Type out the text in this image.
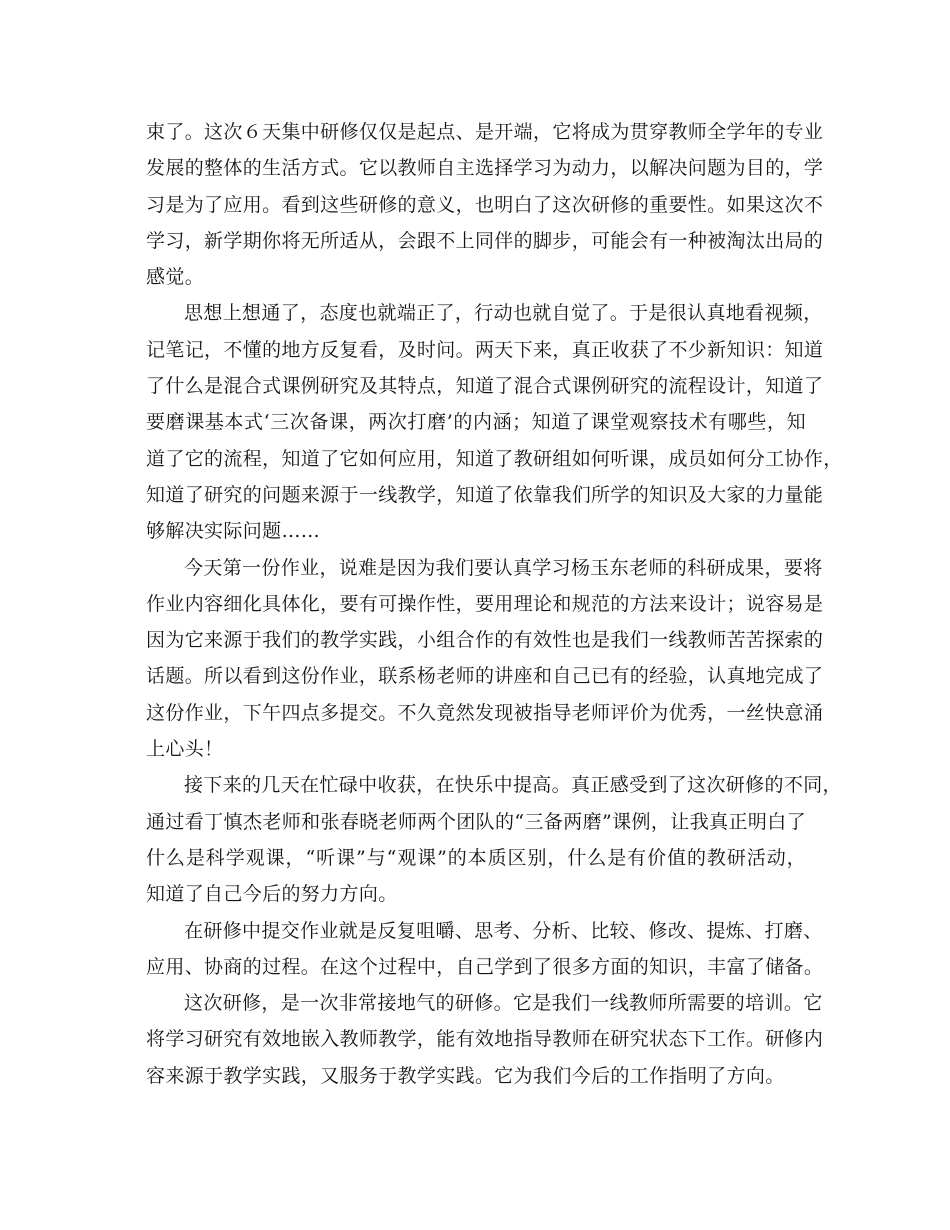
束了。这次６天集中研修仅仅是起点、是开端，它将成为贯穿教师全学年的专业
发展的整体的生活方式。它以教师自主选择学习为动力，以解决问题为目的，学
习是为了应用。看到这些研修的意义，也明白了这次研修的重要性。如果这次不
学习，新学期你将无所适从，会跟不上同伴的脚步，可能会有一种被淘汰出局的
感觉。

思想上想通了，态度也就端正了，行动也就自觉了。于是很认真地看视频，
记笔记，不懂的地方反复看，及时问。两天下来，真正收获了不少新知识：知道
了什么是混合式课例研究及其特点，知道了混合式课例研究的流程设计，知道了
要磨课基本式‘三次备课，两次打磨’的内涵；知道了课堂观察技术有哪些，知
道了它的流程，知道了它如何应用，知道了教研组如何听课，成员如何分工协作，
知道了研究的问题来源于一线教学，知道了依靠我们所学的知识及大家的力量能
够解决实际问题……

今天第一份作业，说难是因为我们要认真学习杨玉东老师的科研成果，要将
作业内容细化具体化，要有可操作性，要用理论和规范的方法来设计；说容易是
因为它来源于我们的教学实践，小组合作的有效性也是我们一线教师苦苦探索的
话题。所以看到这份作业，联系杨老师的讲座和自己已有的经验，认真地完成了
这份作业，下午四点多提交。不久竟然发现被指导老师评价为优秀，一丝快意涌
上心头！

接下来的几天在忙碌中收获，在快乐中提高。真正感受到了这次研修的不同，
通过看丁慎杰老师和张春晓老师两个团队的“三备两磨”课例，让我真正明白了
什么是科学观课，“听课”与“观课”的本质区别，什么是有价值的教研活动，
知道了自己今后的努力方向。

在研修中提交作业就是反复咀嚼、思考、分析、比较、修改、提炼、打磨、
应用、协商的过程。在这个过程中，自己学到了很多方面的知识，丰富了储备。

这次研修，是一次非常接地气的研修。它是我们一线教师所需要的培训。它
将学习研究有效地嵌入教师教学，能有效地指导教师在研究状态下工作。研修内
容来源于教学实践，又服务于教学实践。它为我们今后的工作指明了方向。
